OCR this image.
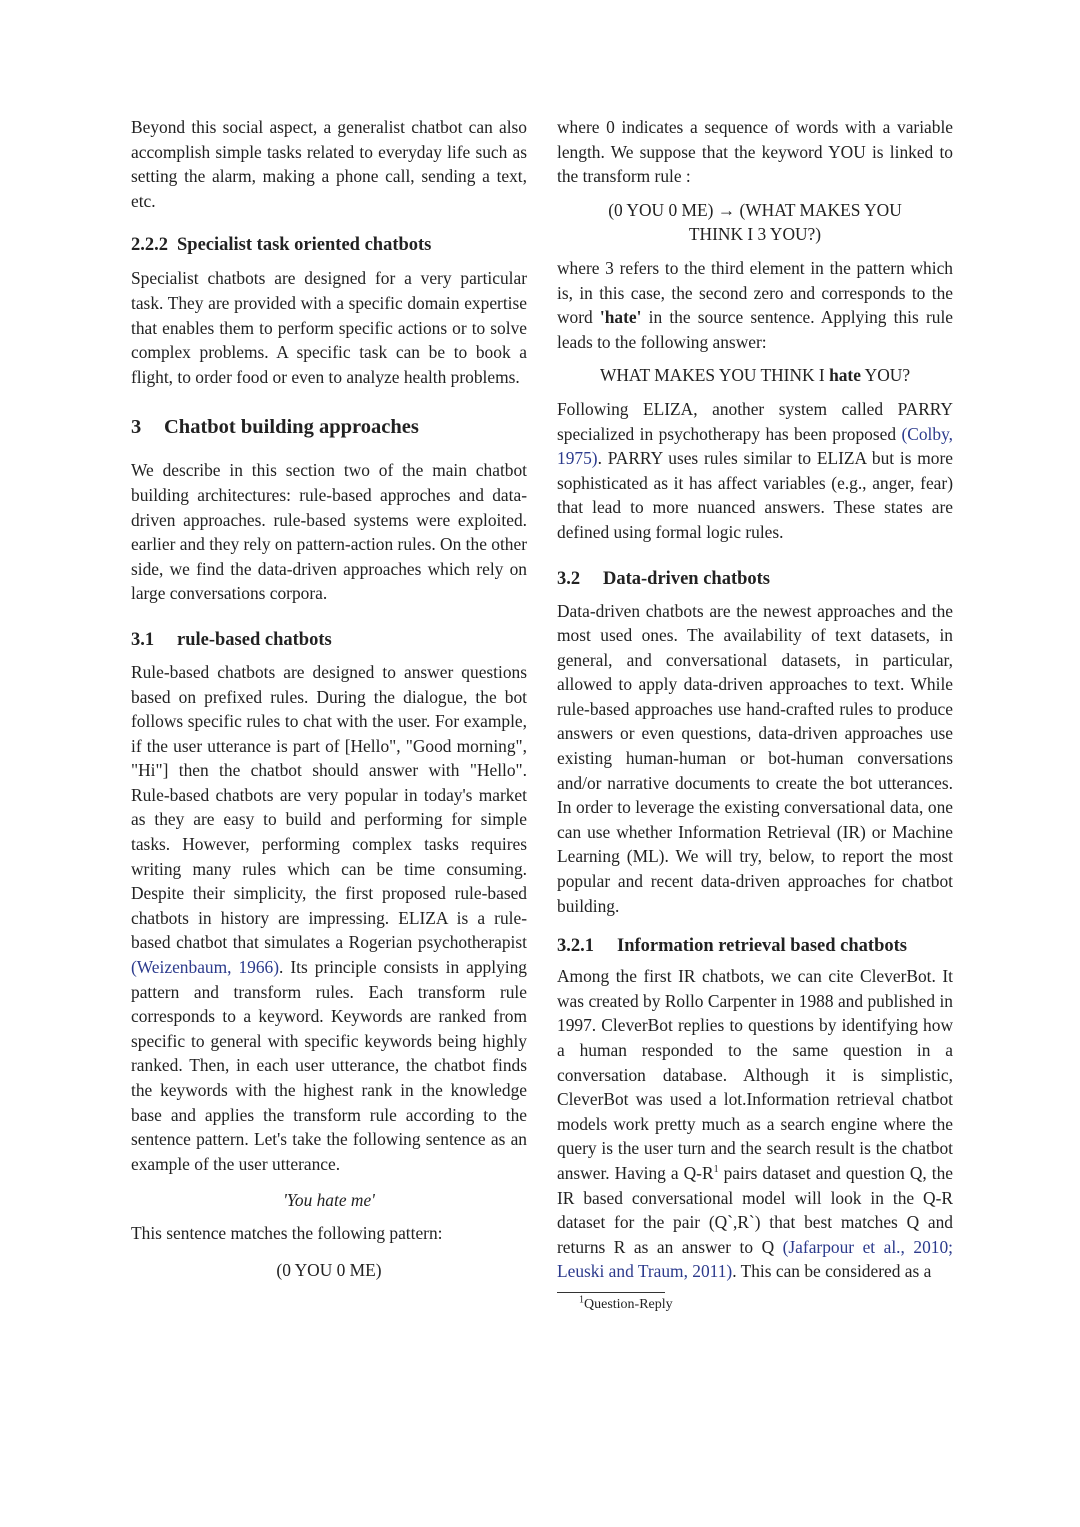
Beyond this social aspect, a generalist chatbot can also accomplish simple tasks related to everyday life such as setting the alarm, making a phone call, sending a text, etc.

2.2.2 Specialist task oriented chatbots

Specialist chatbots are designed for a very particular task. They are provided with a specific domain expertise that enables them to perform specific actions or to solve complex problems. A specific task can be to book a flight, to order food or even to analyze health problems.

3 Chatbot building approaches

We describe in this section two of the main chatbot building architectures: rule-based approches and data-driven approaches. rule-based systems were exploited. earlier and they rely on pattern-action rules. On the other side, we find the data-driven approaches which rely on large conversations corpora.

3.1 rule-based chatbots

Rule-based chatbots are designed to answer questions based on prefixed rules. During the dialogue, the bot follows specific rules to chat with the user. For example, if the user utterance is part of [Hello", "Good morning", "Hi"] then the chatbot should answer with "Hello". Rule-based chatbots are very popular in today's market as they are easy to build and performing for simple tasks. However, performing complex tasks requires writing many rules which can be time consuming. Despite their simplicity, the first proposed rule-based chatbots in history are impressing. ELIZA is a rule-based chatbot that simulates a Rogerian psychotherapist (Weizenbaum, 1966). Its principle consists in applying pattern and transform rules. Each transform rule corresponds to a keyword. Keywords are ranked from specific to general with specific keywords being highly ranked. Then, in each user utterance, the chatbot finds the keywords with the highest rank in the knowledge base and applies the transform rule according to the sentence pattern. Let's take the following sentence as an example of the user utterance.

'You hate me'

This sentence matches the following pattern:

(0 YOU 0 ME)

where 0 indicates a sequence of words with a variable length. We suppose that the keyword YOU is linked to the transform rule :

(0 YOU 0 ME) → (WHAT MAKES YOU

THINK I 3 YOU?)

where 3 refers to the third element in the pattern which is, in this case, the second zero and corresponds to the word 'hate' in the source sentence. Applying this rule leads to the following answer:

WHAT MAKES YOU THINK I hate YOU?

Following ELIZA, another system called PARRY specialized in psychotherapy has been proposed (Colby, 1975). PARRY uses rules similar to ELIZA but is more sophisticated as it has affect variables (e.g., anger, fear) that lead to more nuanced answers. These states are defined using formal logic rules.

3.2 Data-driven chatbots

Data-driven chatbots are the newest approaches and the most used ones. The availability of text datasets, in general, and conversational datasets, in particular, allowed to apply data-driven approaches to text. While rule-based approaches use hand-crafted rules to produce answers or even questions, data-driven approaches use existing human-human or bot-human conversations and/or narrative documents to create the bot utterances. In order to leverage the existing conversational data, one can use whether Information Retrieval (IR) or Machine Learning (ML). We will try, below, to report the most popular and recent data-driven approaches for chatbot building.

3.2.1 Information retrieval based chatbots

Among the first IR chatbots, we can cite CleverBot. It was created by Rollo Carpenter in 1988 and published in 1997. CleverBot replies to questions by identifying how a human responded to the same question in a conversation database. Although it is simplistic, CleverBot was used a lot.Information retrieval chatbot models work pretty much as a search engine where the query is the user turn and the search result is the chatbot answer. Having a $Q-R^1$ pairs dataset and question Q, the IR based conversational model will look in the Q-R dataset for the pair (Q`,R`) that best matches Q and returns R as an answer to Q (Jafarpour et al., 2010; Leuski and Traum, 2011). This can be considered as a

$^1$Question-Reply
